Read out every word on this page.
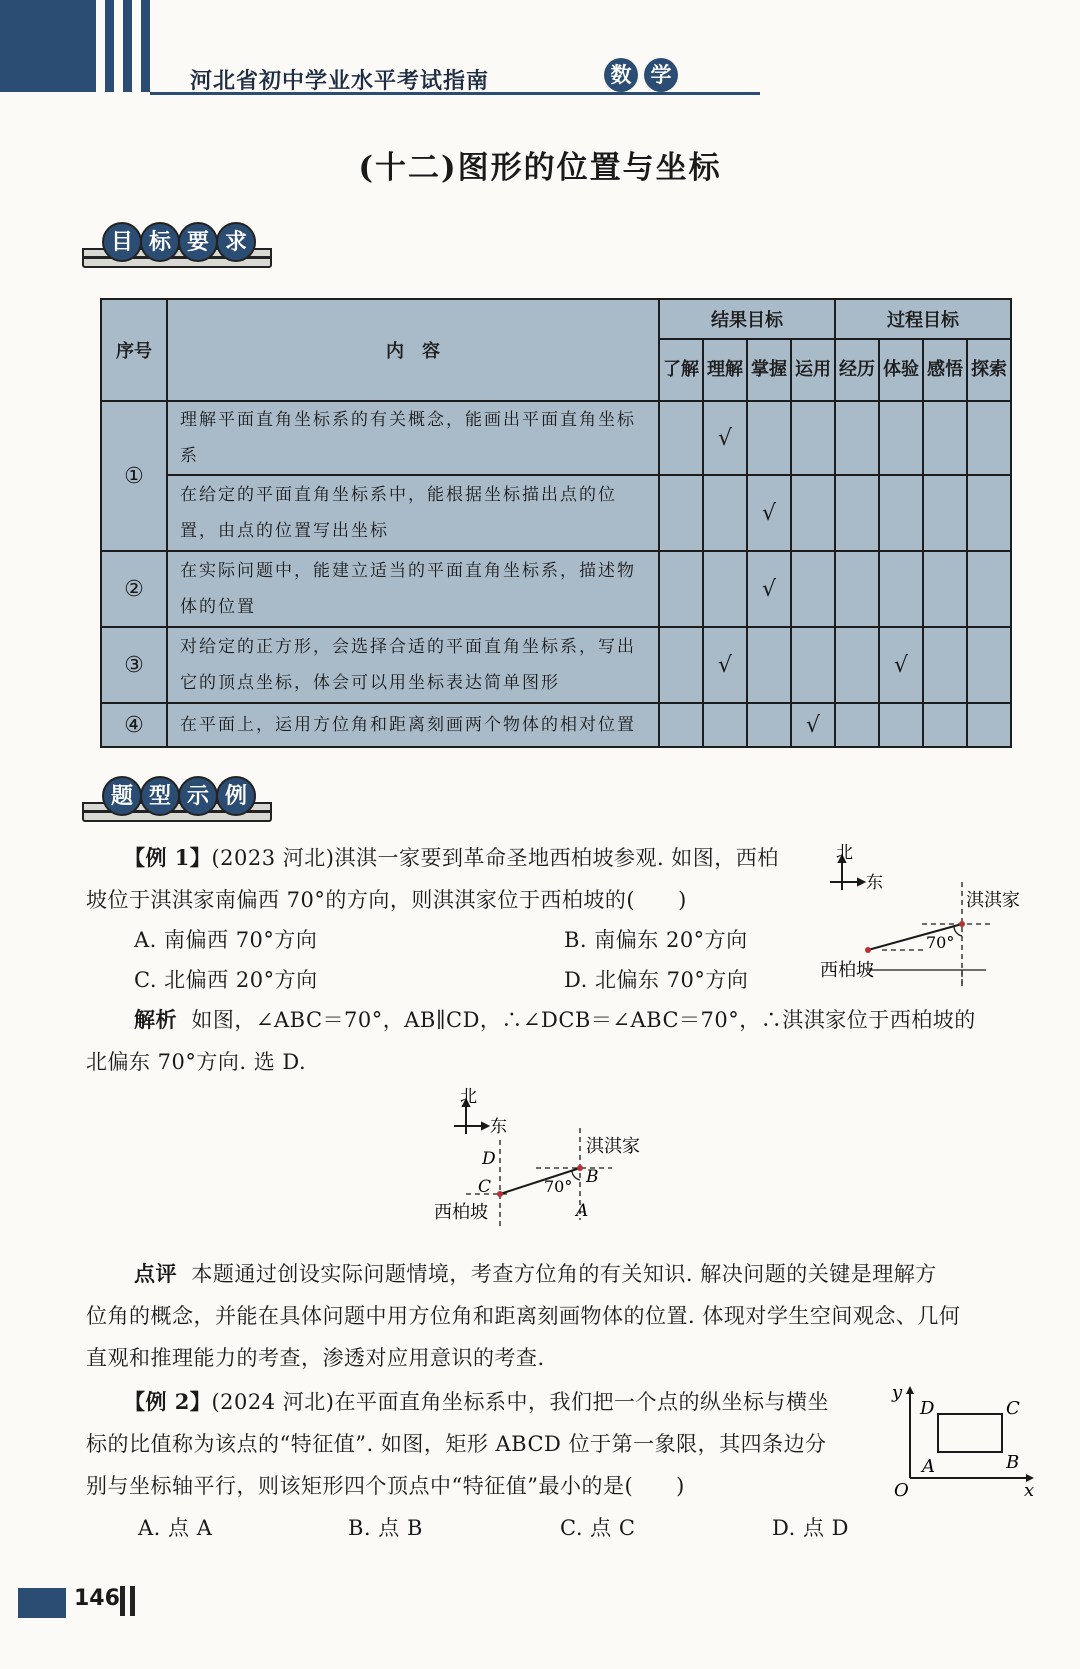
河北省初中学业水平考试指南	数 学
(十二)图形的位置与坐标
目 标 要 求
序号	内　容	结果目标				过程目标			
		了解	理解	掌握	运用	经历	体验	感悟	探索
①	理解平面直角坐标系的有关概念，能画出平面直角坐标系		√						
	在给定的平面直角坐标系中，能根据坐标描出点的位置，由点的位置写出坐标			√					
②	在实际问题中，能建立适当的平面直角坐标系，描述物体的位置			√					
③	对给定的正方形，会选择合适的平面直角坐标系，写出它的顶点坐标，体会可以用坐标表达简单图形		√				√		
④	在平面上，运用方位角和距离刻画两个物体的相对位置				√				
题 型 示 例
【例 1】(2023 河北)淇淇一家要到革命圣地西柏坡参观. 如图，西柏
坡位于淇淇家南偏西 70°的方向，则淇淇家位于西柏坡的(　　)
A. 南偏西 70°方向	B. 南偏东 20°方向
C. 北偏西 20°方向	D. 北偏东 70°方向
北
东
淇淇家
西柏坡
70°
解析 如图，∠ABC＝70°，AB∥CD，∴∠DCB＝∠ABC＝70°，∴淇淇家位于西柏坡的
北偏东 70°方向. 选 D.
北
东
淇淇家
西柏坡
70°
D
C	B
A
点评 本题通过创设实际问题情境，考查方位角的有关知识. 解决问题的关键是理解方
位角的概念，并能在具体问题中用方位角和距离刻画物体的位置. 体现对学生空间观念、几何
直观和推理能力的考查，渗透对应用意识的考查.
【例 2】(2024 河北)在平面直角坐标系中，我们把一个点的纵坐标与横坐
标的比值称为该点的“特征值”. 如图，矩形 ABCD 位于第一象限，其四条边分
别与坐标轴平行，则该矩形四个顶点中“特征值”最小的是(　　)
A. 点 A	B. 点 B	C. 点 C	D. 点 D
y
x
O
A	B
C
D
146
